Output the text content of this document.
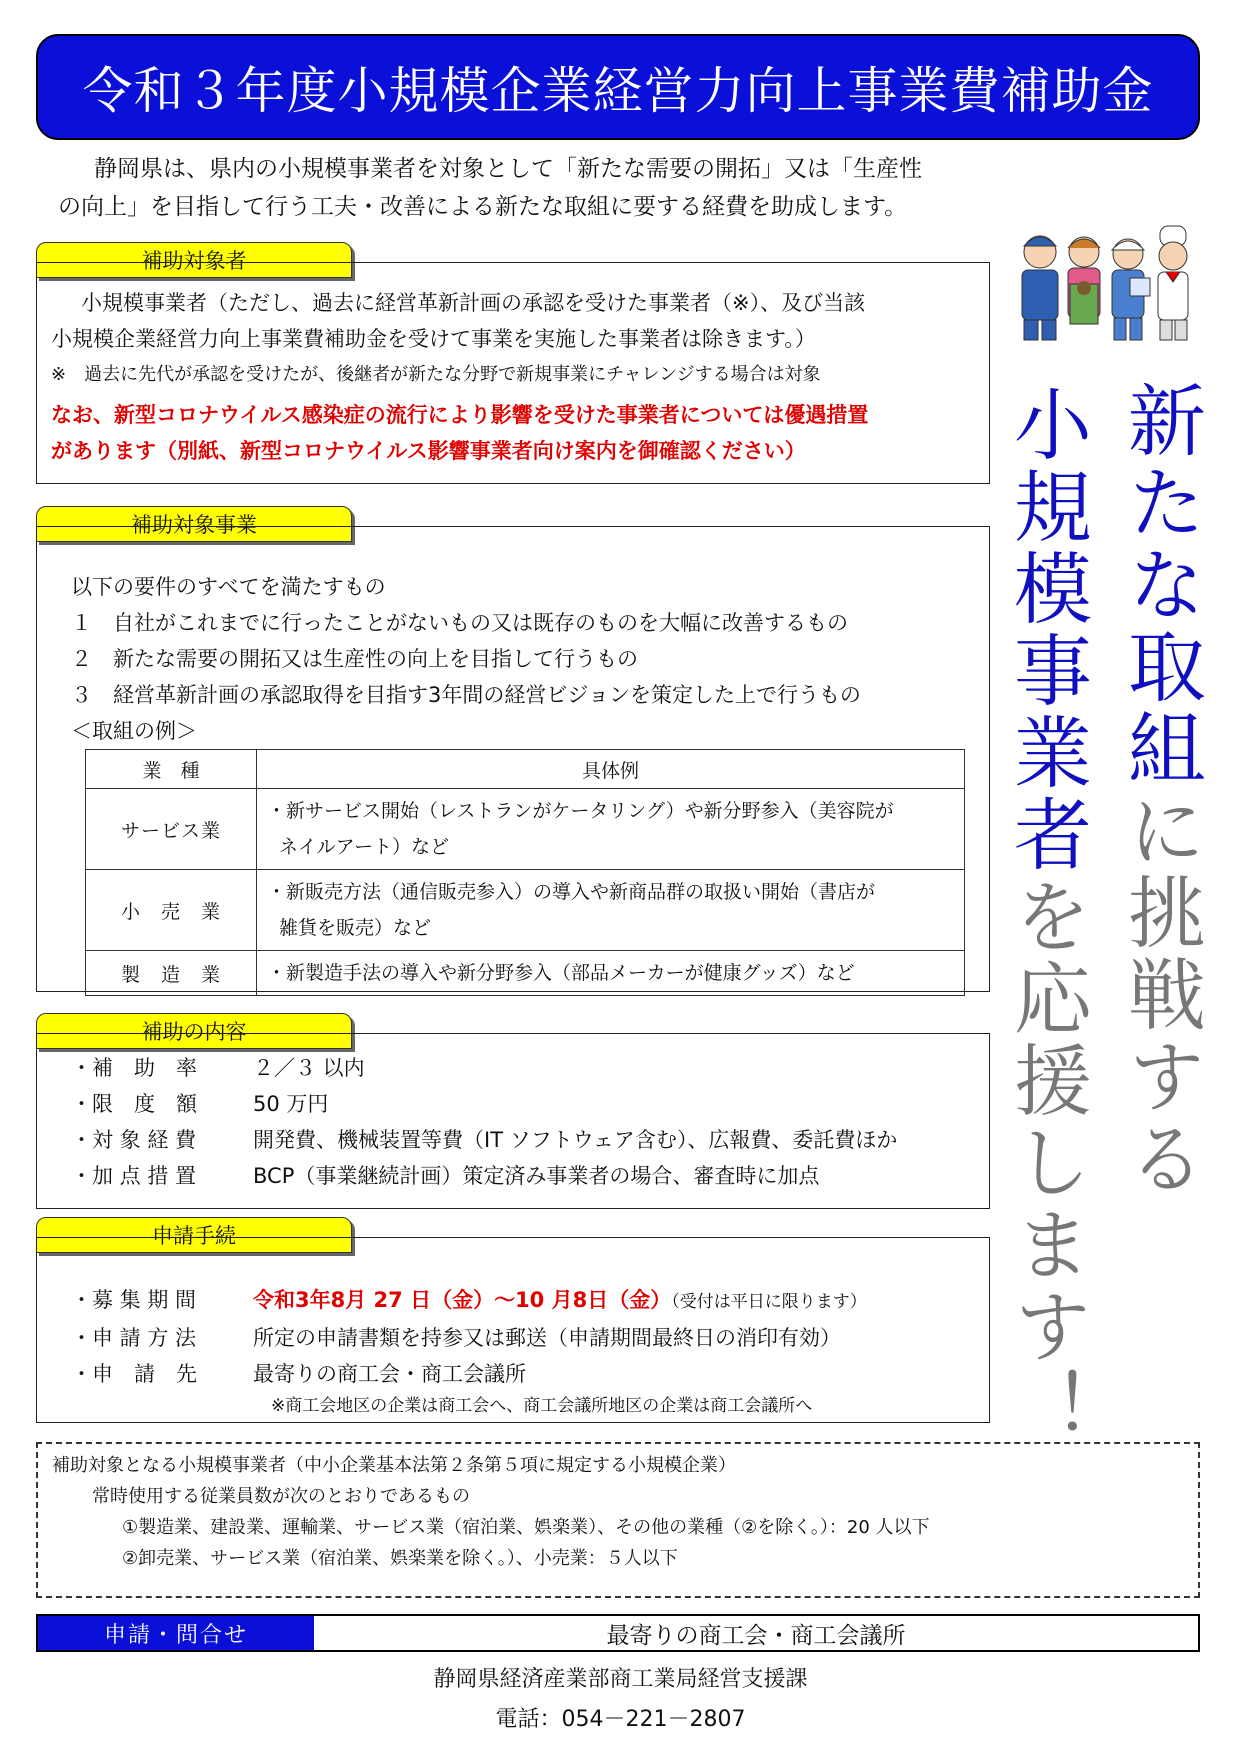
令和３年度小規模企業経営力向上事業費補助金
静岡県は、県内の小規模事業者を対象として「新たな需要の開拓」又は「生産性
の向上」を目指して行う工夫・改善による新たな取組に要する経費を助成します。
補助対象者
小規模事業者（ただし、過去に経営革新計画の承認を受けた事業者（※）、及び当該
小規模企業経営力向上事業費補助金を受けて事業を実施した事業者は除きます。）
※　過去に先代が承認を受けたが、後継者が新たな分野で新規事業にチャレンジする場合は対象
なお、新型コロナウイルス感染症の流行により影響を受けた事業者については優遇措置
があります（別紙、新型コロナウイルス影響事業者向け案内を御確認ください）
補助対象事業
以下の要件のすべてを満たすもの
１　自社がこれまでに行ったことがないもの又は既存のものを大幅に改善するもの
２　新たな需要の開拓又は生産性の向上を目指して行うもの
３　経営革新計画の承認取得を目指す3年間の経営ビジョンを策定した上で行うもの
＜取組の例＞
業　種	具体例
サービス業	・新サービス開始（レストランがケータリング）や新分野参入（美容院が
ネイルアート）など

小　売　業	・新販売方法（通信販売参入）の導入や新商品群の取扱い開始（書店が
雑貨を販売）など

製　造　業	・新製造手法の導入や新分野参入（部品メーカーが健康グッズ）など
補助の内容
・補　助　率	２／３ 以内
・限　度　額	50 万円
・対 象 経 費	開発費、機械装置等費（IT ソフトウェア含む）、広報費、委託費ほか
・加 点 措 置	BCP（事業継続計画）策定済み事業者の場合、審査時に加点
申請手続
・募 集 期 間	令和3年8月 27 日（金）～10 月8日（金）（受付は平日に限ります）
・申 請 方 法	所定の申請書類を持参又は郵送（申請期間最終日の消印有効）
・申　請　先	最寄りの商工会・商工会議所
※商工会地区の企業は商工会へ、商工会議所地区の企業は商工会議所へ
新たな取組に挑戦する
小規模事業者を応援します！
補助対象となる小規模事業者（中小企業基本法第２条第５項に規定する小規模企業）
常時使用する従業員数が次のとおりであるもの
①製造業、建設業、運輸業、サービス業（宿泊業、娯楽業）、その他の業種（②を除く。）：20 人以下
②卸売業、サービス業（宿泊業、娯楽業を除く。）、小売業：５人以下
申請・問合せ	最寄りの商工会・商工会議所
静岡県経済産業部商工業局経営支援課
電話：054－221－2807
